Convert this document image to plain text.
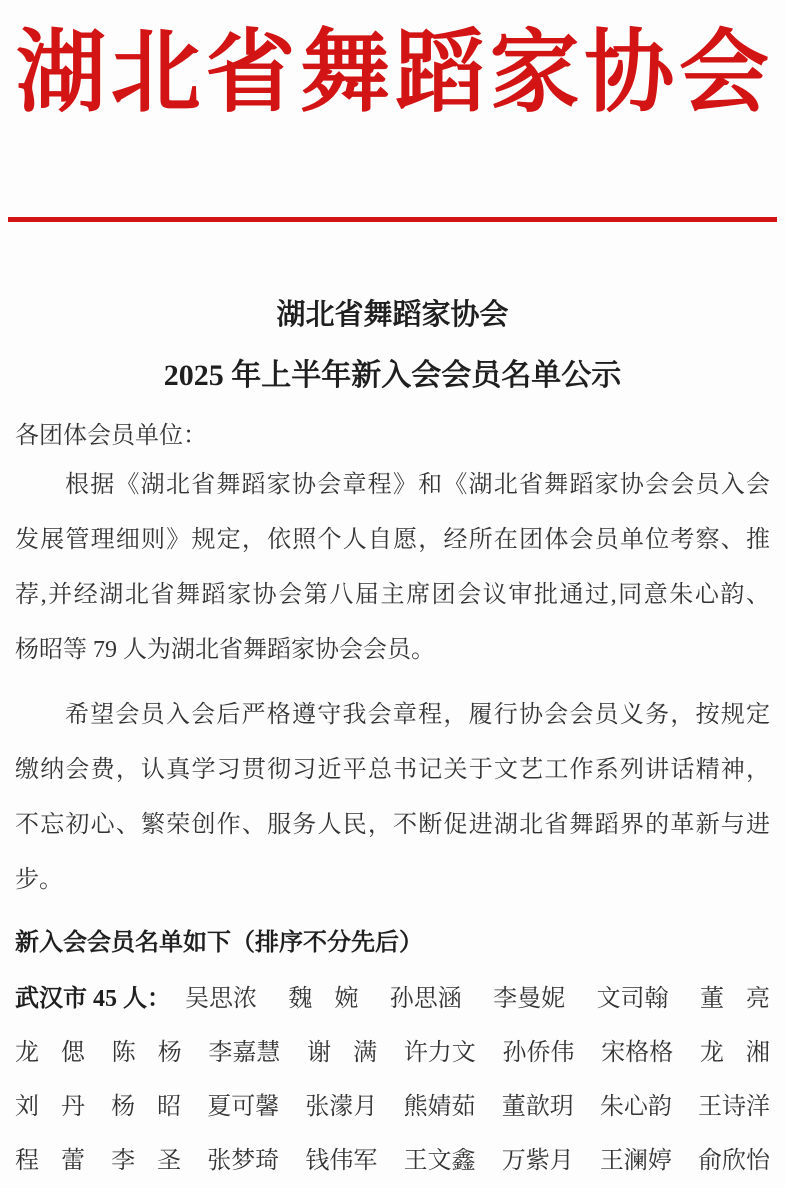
湖北省舞蹈家协会
湖北省舞蹈家协会
2025 年上半年新入会会员名单公示
各团体会员单位：
根据《湖北省舞蹈家协会章程》和《湖北省舞蹈家协会会员入会
发展管理细则》规定，依照个人自愿，经所在团体会员单位考察、推
荐,并经湖北省舞蹈家协会第八届主席团会议审批通过,同意朱心韵、
杨昭等 79 人为湖北省舞蹈家协会会员。
希望会员入会后严格遵守我会章程，履行协会会员义务，按规定
缴纳会费，认真学习贯彻习近平总书记关于文艺工作系列讲话精神，
不忘初心、繁荣创作、服务人民，不断促进湖北省舞蹈界的革新与进
步。
新入会会员名单如下（排序不分先后）
武汉市 45 人： 吴思浓 魏 婉 孙思涵 李曼妮 文司翰 董 亮
龙 偲 陈 杨 李嘉慧 谢 满 许力文 孙侨伟 宋格格 龙 湘
刘 丹 杨 昭 夏可馨 张濛月 熊婧茹 董歆玥 朱心韵 王诗洋
程 蕾 李 圣 张梦琦 钱伟军 王文鑫 万紫月 王澜婷 俞欣怡
